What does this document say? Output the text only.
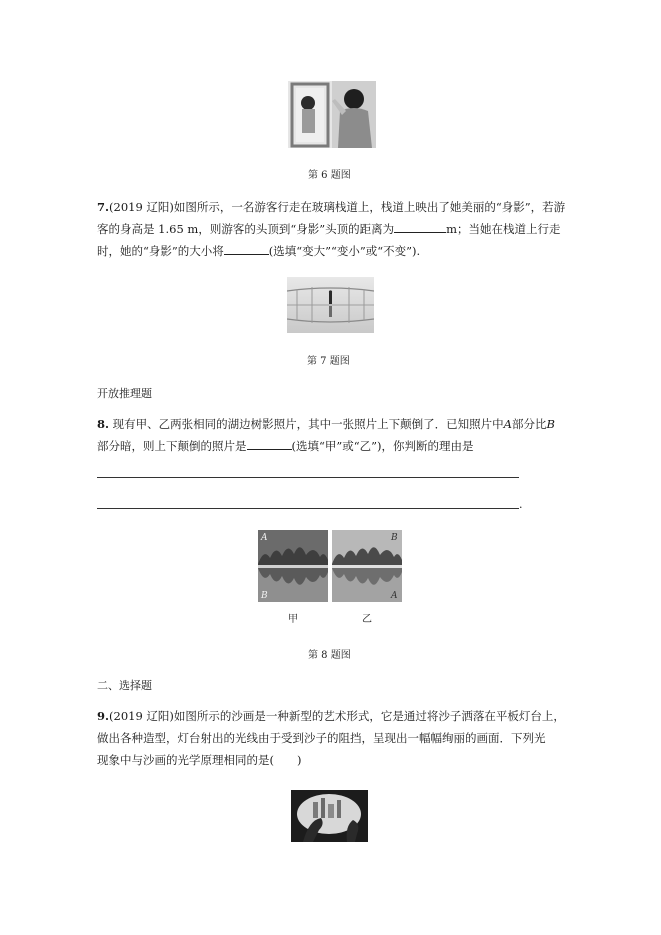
第 6 题图
7.(2019 辽阳)如图所示，一名游客行走在玻璃栈道上，栈道上映出了她美丽的“身影”，若游
客的身高是 1.65 m，则游客的头顶到“身影”头顶的距离为	m；当她在栈道上行走
时，她的“身影”的大小将	(选填“变大”“变小”或“不变”).
第 7 题图
开放推理题
8. 现有甲、乙两张相同的湖边树影照片，其中一张照片上下颠倒了．已知照片中A部分比B
部分暗，则上下颠倒的照片是	(选填“甲”或“乙”)，你判断的理由是
.
A
B
B
A
甲	乙
第 8 题图
二、选择题
9.(2019 辽阳)如图所示的沙画是一种新型的艺术形式，它是通过将沙子洒落在平板灯台上，
做出各种造型，灯台射出的光线由于受到沙子的阻挡，呈现出一幅幅绚丽的画面．下列光
现象中与沙画的光学原理相同的是(　　)
